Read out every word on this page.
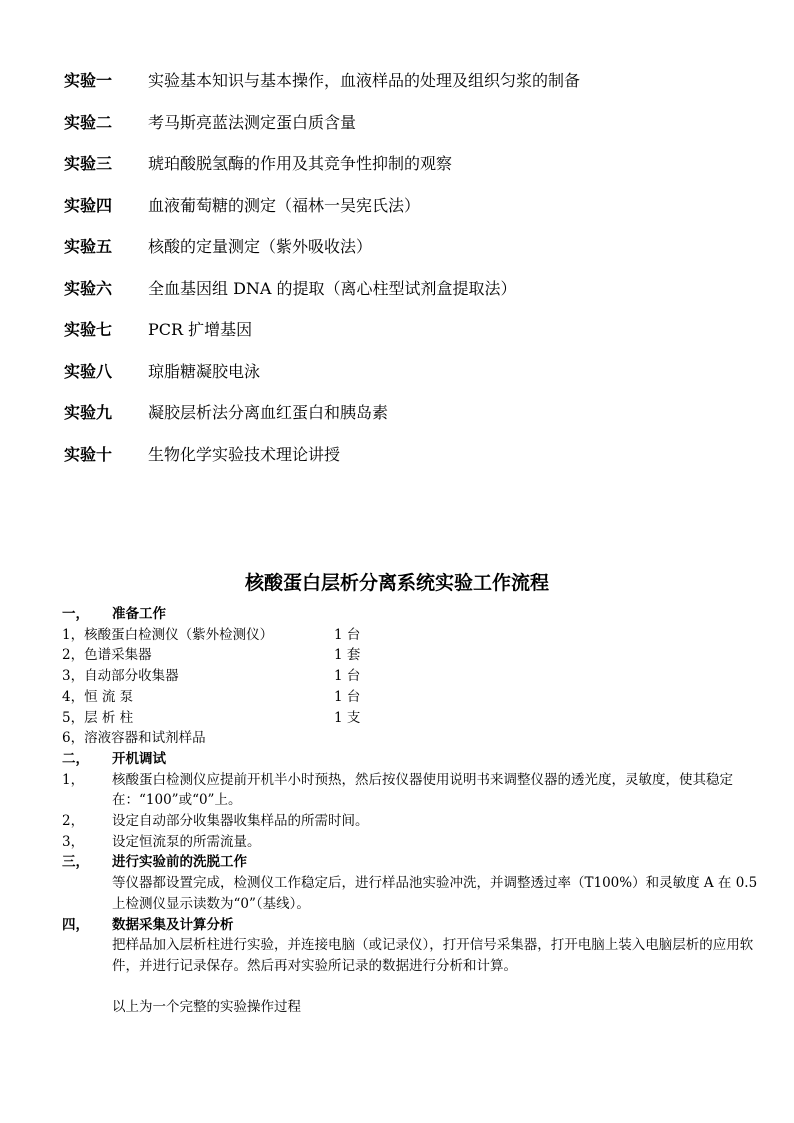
实验一	实验基本知识与基本操作，血液样品的处理及组织匀浆的制备
实验二	考马斯亮蓝法测定蛋白质含量
实验三	琥珀酸脱氢酶的作用及其竞争性抑制的观察
实验四	血液葡萄糖的测定（福林一吴宪氏法）
实验五	核酸的定量测定（紫外吸收法）
实验六	全血基因组 DNA 的提取（离心柱型试剂盒提取法）
实验七	PCR 扩增基因
实验八	琼脂糖凝胶电泳
实验九	凝胶层析法分离血红蛋白和胰岛素
实验十	生物化学实验技术理论讲授
核酸蛋白层析分离系统实验工作流程
一，	准备工作
1，核酸蛋白检测仪（紫外检测仪）	1 台
2，色谱采集器	1 套
3，自动部分收集器	1 台
4，恒 流 泵	1 台
5，层 析 柱	1 支
6，溶液容器和试剂样品
二，	开机调试
1，	核酸蛋白检测仪应提前开机半小时预热，然后按仪器使用说明书来调整仪器的透光度，灵敏度，使其稳定在：“100”或“0”上。
2，	设定自动部分收集器收集样品的所需时间。
3，	设定恒流泵的所需流量。
三，	进行实验前的洗脱工作
等仪器都设置完成，检测仪工作稳定后，进行样品池实验冲洗，并调整透过率（T100%）和灵敏度 A 在 0.5 上检测仪显示读数为“0”（基线）。
四，	数据采集及计算分析
把样品加入层析柱进行实验，并连接电脑（或记录仪），打开信号采集器，打开电脑上装入电脑层析的应用软件，并进行记录保存。然后再对实验所记录的数据进行分析和计算。
以上为一个完整的实验操作过程
